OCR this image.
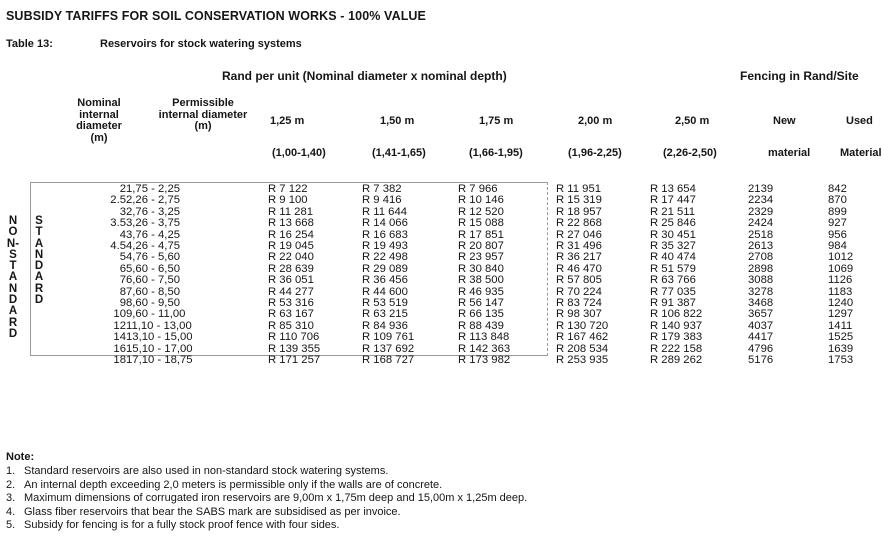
SUBSIDY TARIFFS FOR SOIL CONSERVATION WORKS - 100% VALUE
Table 13:	Reservoirs for stock watering systems
Rand per unit (Nominal diameter x nominal depth)	Fencing in Rand/Site
Nominal internal diameter (m)
Permissible internal diameter (m)	1,25 m	1,50 m	1,75 m	2,00 m	2,50 m	New	Used
(1,00-1,40)	(1,41-1,65)	(1,66-1,95)	(1,96-2,25)	(2,26-2,50)	material	Material
NON-STANDARD
STANDARD
2	1,75 - 2,25	R 7 122	R 7 382	R 7 966	R 11 951	R 13 654	2139	842
2.5	2,26 - 2,75	R 9 100	R 9 416	R 10 146	R 15 319	R 17 447	2234	870
3	2,76 - 3,25	R 11 281	R 11 644	R 12 520	R 18 957	R 21 511	2329	899
3.5	3,26 - 3,75	R 13 668	R 14 066	R 15 088	R 22 868	R 25 846	2424	927
4	3,76 - 4,25	R 16 254	R 16 683	R 17 851	R 27 046	R 30 451	2518	956
4.5	4,26 - 4,75	R 19 045	R 19 493	R 20 807	R 31 496	R 35 327	2613	984
5	4,76 - 5,60	R 22 040	R 22 498	R 23 957	R 36 217	R 40 474	2708	1012
6	5,60 - 6,50	R 28 639	R 29 089	R 30 840	R 46 470	R 51 579	2898	1069
7	6,60 - 7,50	R 36 051	R 36 456	R 38 500	R 57 805	R 63 766	3088	1126
8	7,60 - 8,50	R 44 277	R 44 600	R 46 935	R 70 224	R 77 035	3278	1183
9	8,60 - 9,50	R 53 316	R 53 519	R 56 147	R 83 724	R 91 387	3468	1240
10	9,60 - 11,00	R 63 167	R 63 215	R 66 135	R 98 307	R 106 822	3657	1297
12	11,10 - 13,00	R 85 310	R 84 936	R 88 439	R 130 720	R 140 937	4037	1411
14	13,10 - 15,00	R 110 706	R 109 761	R 113 848	R 167 462	R 179 383	4417	1525
16	15,10 - 17,00	R 139 355	R 137 692	R 142 363	R 208 534	R 222 158	4796	1639
18	17,10 - 18,75	R 171 257	R 168 727	R 173 982	R 253 935	R 289 262	5176	1753
Note:
1. Standard reservoirs are also used in non-standard stock watering systems.
2. An internal depth exceeding 2,0 meters is permissible only if the walls are of concrete.
3. Maximum dimensions of corrugated iron reservoirs are 9,00m x 1,75m deep and 15,00m x 1,25m deep.
4. Glass fiber reservoirs that bear the SABS mark are subsidised as per invoice.
5. Subsidy for fencing is for a fully stock proof fence with four sides.
